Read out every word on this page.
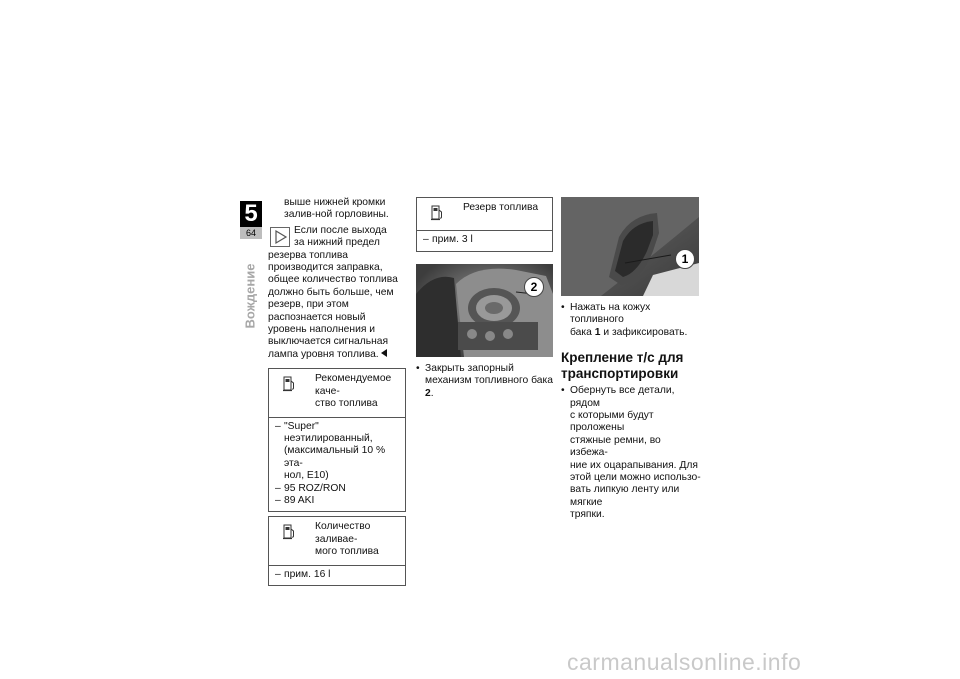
5
64
Вождение
выше нижней кромки залив-ной горловины.
Если после выхода
за нижний предел
резерва топлива производится заправка, общее количество топлива должно быть больше, чем резерв, при этом распознается новый уровень наполнения и выключается сигнальная лампа уровня топлива.
Рекомендуемое каче-
ство топлива
– "Super" неэтилированный,
(максимальный 10 % эта-
нол, E10)
– 95 ROZ/RON
– 89 AKI
Количество заливае-
мого топлива
– прим. 16 l
Резерв топлива
– прим. 3 l
2
• Закрыть запорный механизм топливного бака 2.
1
• Нажать на кожух топливного
бака 1 и зафиксировать.
Крепление т/с для транспортировки
• Обернуть все детали, рядом
с которыми будут проложены
стяжные ремни, во избежа-
ние их оцарапывания. Для
этой цели можно использо-
вать липкую ленту или мягкие
тряпки.
carmanualsonline.info
